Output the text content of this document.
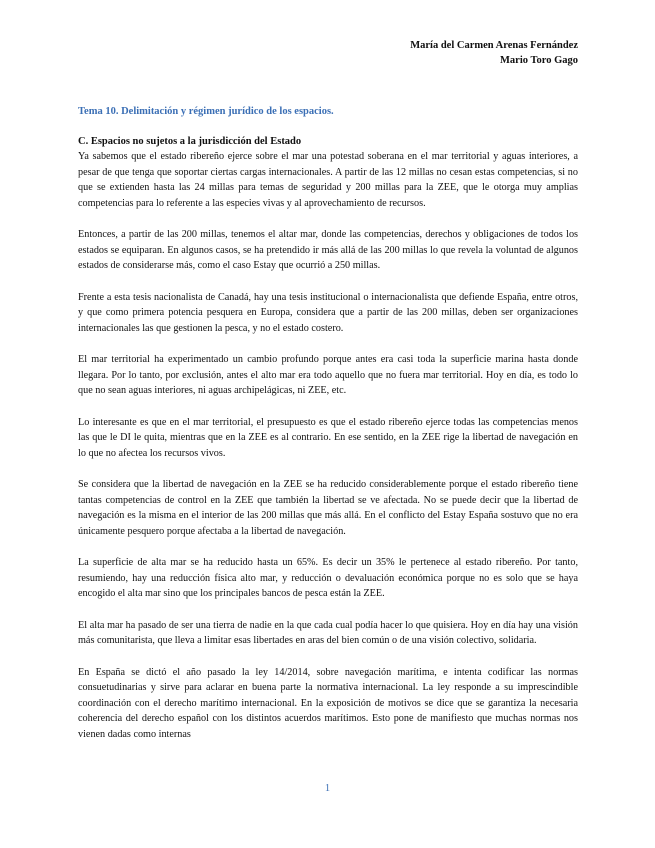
María del Carmen Arenas Fernández
Mario Toro Gago

Tema 10. Delimitación y régimen jurídico de los espacios.

C. Espacios no sujetos a la jurisdicción del Estado

Ya sabemos que el estado ribereño ejerce sobre el mar una potestad soberana en el mar territorial y aguas interiores, a pesar de que tenga que soportar ciertas cargas internacionales. A partir de las 12 millas no cesan estas competencias, si no que se extienden hasta las 24 millas para temas de seguridad y 200 millas para la ZEE, que le otorga muy amplias competencias para lo referente a las especies vivas y al aprovechamiento de recursos.

Entonces, a partir de las 200 millas, tenemos el altar mar, donde las competencias, derechos y obligaciones de todos los estados se equiparan. En algunos casos, se ha pretendido ir más allá de las 200 millas lo que revela la voluntad de algunos estados de considerarse más, como el caso Estay que ocurrió a 250 millas.

Frente a esta tesis nacionalista de Canadá, hay una tesis institucional o internacionalista que defiende España, entre otros, y que como primera potencia pesquera en Europa, considera que a partir de las 200 millas, deben ser organizaciones internacionales las que gestionen la pesca, y no el estado costero.

El mar territorial ha experimentado un cambio profundo porque antes era casi toda la superficie marina hasta donde llegara. Por lo tanto, por exclusión, antes el alto mar era todo aquello que no fuera mar territorial. Hoy en día, es todo lo que no sean aguas interiores, ni aguas archipelágicas, ni ZEE, etc.

Lo interesante es que en el mar territorial, el presupuesto es que el estado ribereño ejerce todas las competencias menos las que le DI le quita, mientras que en la ZEE es al contrario. En ese sentido, en la ZEE rige la libertad de navegación en lo que no afectea los recursos vivos.

Se considera que la libertad de navegación en la ZEE se ha reducido considerablemente porque el estado ribereño tiene tantas competencias de control en la ZEE que también la libertad se ve afectada. No se puede decir que la libertad de navegación es la misma en el interior de las 200 millas que más allá. En el conflicto del Estay España sostuvo que no era únicamente pesquero porque afectaba a la libertad de navegación.

La superficie de alta mar se ha reducido hasta un 65%. Es decir un 35% le pertenece al estado ribereño. Por tanto, resumiendo, hay una reducción física alto mar, y reducción o devaluación económica porque no es solo que se haya encogido el alta mar sino que los principales bancos de pesca están la ZEE.

El alta mar ha pasado de ser una tierra de nadie en la que cada cual podía hacer lo que quisiera. Hoy en día hay una visión más comunitarista, que lleva a limitar esas libertades en aras del bien común o de una visión colectivo, solidaria.

En España se dictó el año pasado la ley 14/2014, sobre navegación marítima, e intenta codificar las normas consuetudinarias y sirve para aclarar en buena parte la normativa internacional. La ley responde a su imprescindible coordinación con el derecho marítimo internacional. En la exposición de motivos se dice que se garantiza la necesaria coherencia del derecho español con los distintos acuerdos marítimos. Esto pone de manifiesto que muchas normas nos vienen dadas como internas

1
